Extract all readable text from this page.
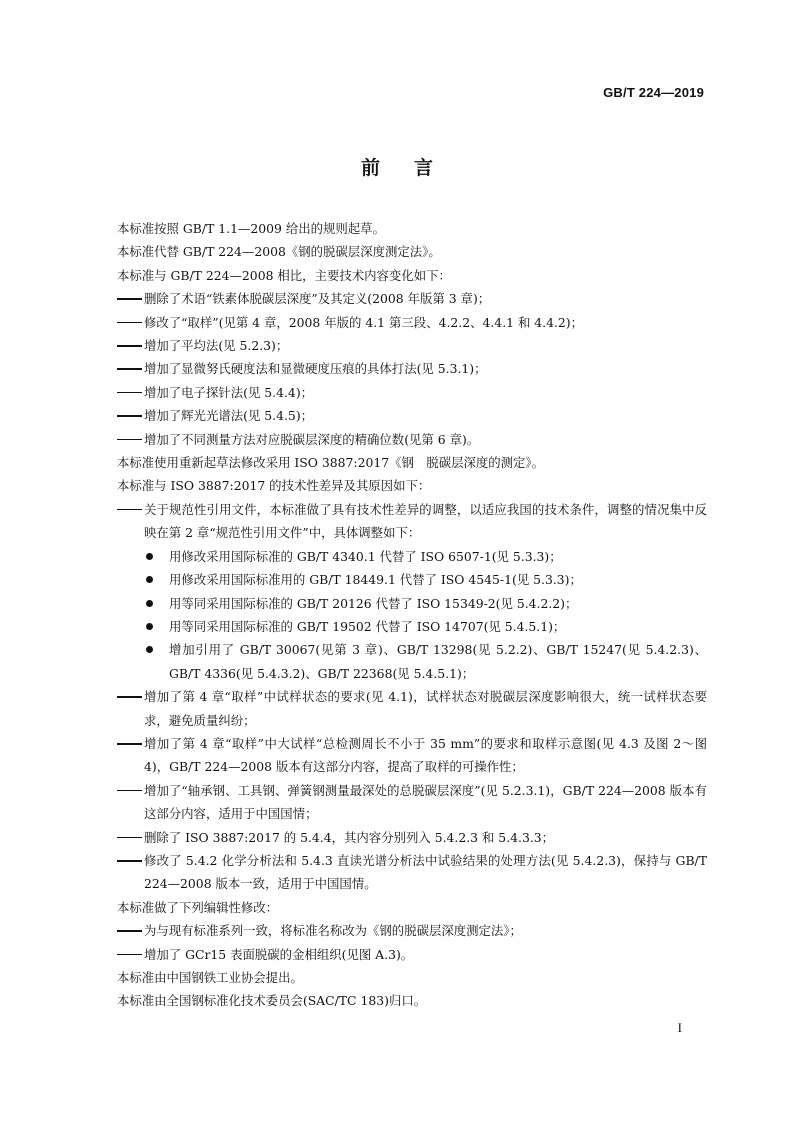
GB/T 224—2019
前言
本标准按照 GB/T 1.1—2009 给出的规则起草。
本标准代替 GB/T 224—2008《钢的脱碳层深度测定法》。
本标准与 GB/T 224—2008 相比，主要技术内容变化如下：
删除了术语“铁素体脱碳层深度”及其定义(2008 年版第 3 章)；
修改了“取样”(见第 4 章，2008 年版的 4.1 第三段、4.2.2、4.4.1 和 4.4.2)；
增加了平均法(见 5.2.3)；
增加了显微努氏硬度法和显微硬度压痕的具体打法(见 5.3.1)；
增加了电子探针法(见 5.4.4)；
增加了辉光光谱法(见 5.4.5)；
增加了不同测量方法对应脱碳层深度的精确位数(见第 6 章)。
本标准使用重新起草法修改采用 ISO 3887:2017《钢　脱碳层深度的测定》。
本标准与 ISO 3887:2017 的技术性差异及其原因如下：
关于规范性引用文件，本标准做了具有技术性差异的调整，以适应我国的技术条件，调整的情况集中反映在第 2 章“规范性引用文件”中，具体调整如下：
用修改采用国际标准的 GB/T 4340.1 代替了 ISO 6507-1(见 5.3.3)；
用修改采用国际标准用的 GB/T 18449.1 代替了 ISO 4545-1(见 5.3.3)；
用等同采用国际标准的 GB/T 20126 代替了 ISO 15349-2(见 5.4.2.2)；
用等同采用国际标准的 GB/T 19502 代替了 ISO 14707(见 5.4.5.1)；
增加引用了 GB/T 30067(见第 3 章)、GB/T 13298(见 5.2.2)、GB/T 15247(见 5.4.2.3)、GB/T 4336(见 5.4.3.2)、GB/T 22368(见 5.4.5.1)；
增加了第 4 章“取样”中试样状态的要求(见 4.1)，试样状态对脱碳层深度影响很大，统一试样状态要求，避免质量纠纷；
增加了第 4 章“取样”中大试样“总检测周长不小于 35 mm”的要求和取样示意图(见 4.3 及图 2～图 4)，GB/T 224—2008 版本有这部分内容，提高了取样的可操作性；
增加了“轴承钢、工具钢、弹簧钢测量最深处的总脱碳层深度”(见 5.2.3.1)，GB/T 224—2008 版本有这部分内容，适用于中国国情；
删除了 ISO 3887:2017 的 5.4.4，其内容分别列入 5.4.2.3 和 5.4.3.3；
修改了 5.4.2 化学分析法和 5.4.3 直读光谱分析法中试验结果的处理方法(见 5.4.2.3)，保持与 GB/T 224—2008 版本一致，适用于中国国情。
本标准做了下列编辑性修改：
为与现有标准系列一致，将标准名称改为《钢的脱碳层深度测定法》；
增加了 GCr15 表面脱碳的金相组织(见图 A.3)。
本标准由中国钢铁工业协会提出。
本标准由全国钢标准化技术委员会(SAC/TC 183)归口。
I
